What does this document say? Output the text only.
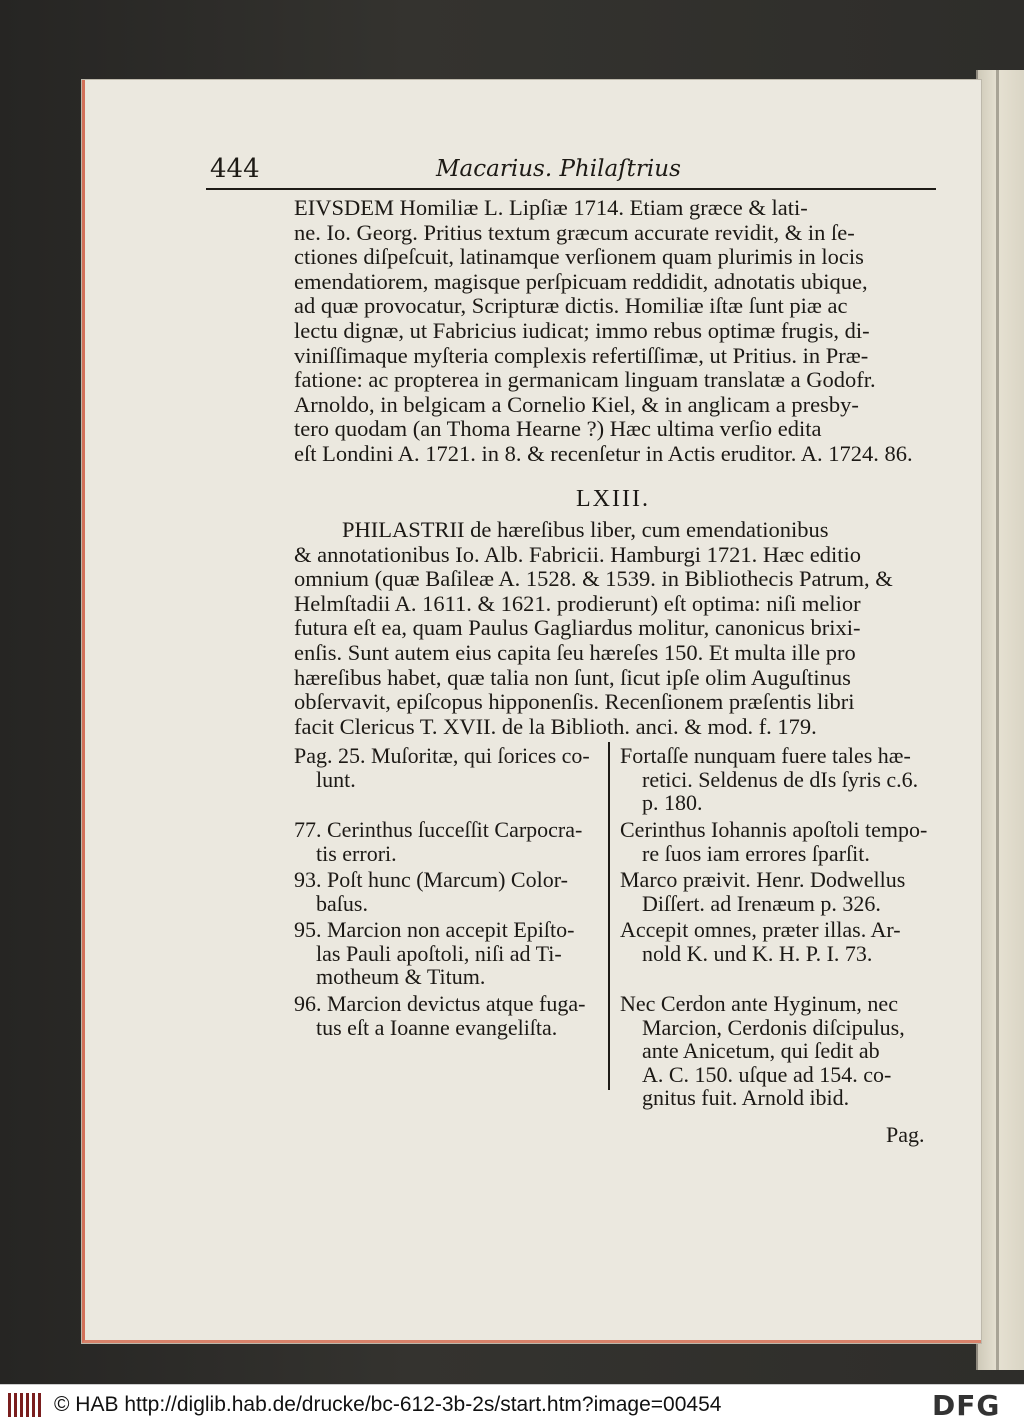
444	Macarius. Philaſtrius
EIVSDEM Homiliæ L. Lipſiæ 1714. Etiam græce & lati-
ne. Io. Georg. Pritius textum græcum accurate revidit, & in ſe-
ctiones diſpeſcuit, latinamque verſionem quam plurimis in locis
emendatiorem, magisque perſpicuam reddidit, adnotatis ubique,
ad quæ provocatur, Scripturæ dictis. Homiliæ iſtæ ſunt piæ ac
lectu dignæ, ut Fabricius iudicat; immo rebus optimæ frugis, di-
viniſſimaque myſteria complexis refertiſſimæ, ut Pritius. in Præ-
fatione: ac propterea in germanicam linguam translatæ a Godofr.
Arnoldo, in belgicam a Cornelio Kiel, & in anglicam a presby-
tero quodam (an Thoma Hearne ?) Hæc ultima verſio edita
eſt Londini A. 1721. in 8. & recenſetur in Actis eruditor. A. 1724. 86.
LXIII.
PHILASTRII de hæreſibus liber, cum emendationibus
& annotationibus Io. Alb. Fabricii. Hamburgi 1721. Hæc editio
omnium (quæ Baſileæ A. 1528. & 1539. in Bibliothecis Patrum, &
Helmſtadii A. 1611. & 1621. prodierunt) eſt optima: niſi melior
futura eſt ea, quam Paulus Gagliardus molitur, canonicus brixi-
enſis. Sunt autem eius capita ſeu hæreſes 150. Et multa ille pro
hæreſibus habet, quæ talia non ſunt, ſicut ipſe olim Auguſtinus
obſervavit, epiſcopus hipponenſis. Recenſionem præſentis libri
facit Clericus T. XVII. de la Biblioth. anci. & mod. f. 179.
Pag. 25. Muſoritæ, qui ſorices co-
lunt.
77. Cerinthus ſucceſſit Carpocra-
tis errori.
93. Poſt hunc (Marcum) Color-
baſus.
95. Marcion non accepit Epiſto-
las Pauli apoſtoli, niſi ad Ti-
motheum & Titum.
96. Marcion devictus atque fuga-
tus eſt a Ioanne evangeliſta.
Fortaſſe nunquam fuere tales hæ-
retici. Seldenus de dIs ſyris c.6.
p. 180.
Cerinthus Iohannis apoſtoli tempo-
re ſuos iam errores ſparſit.
Marco præivit. Henr. Dodwellus
Diſſert. ad Irenæum p. 326.
Accepit omnes, præter illas. Ar-
nold K. und K. H. P. I. 73.
Nec Cerdon ante Hyginum, nec
Marcion, Cerdonis diſcipulus,
ante Anicetum, qui ſedit ab
A. C. 150. uſque ad 154. co-
gnitus fuit. Arnold ibid.
Pag.
© HAB http://diglib.hab.de/drucke/bc-612-3b-2s/start.htm?image=00454	DFG
